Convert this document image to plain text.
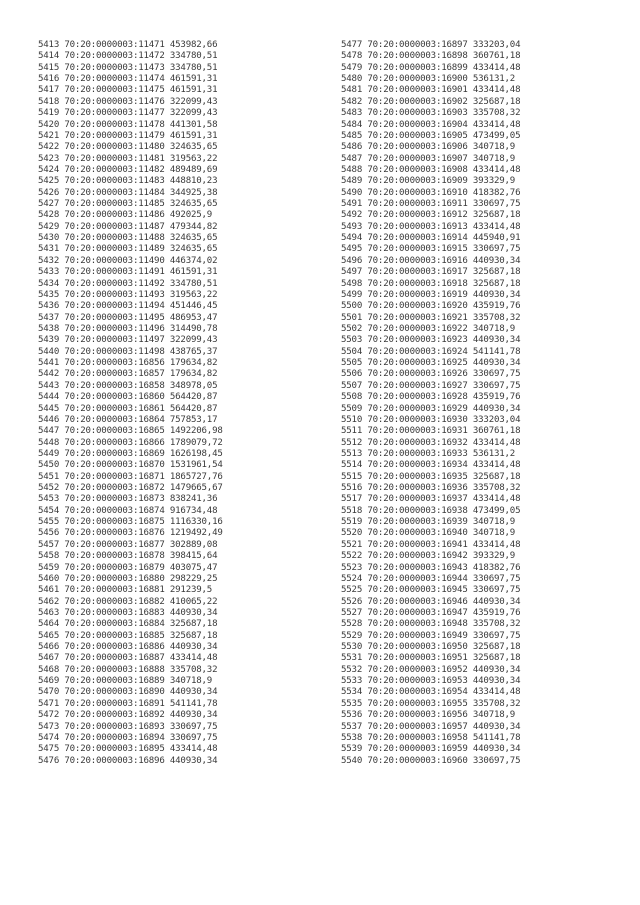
5413 70:20:0000003:11471 453982,66
5414 70:20:0000003:11472 334780,51
5415 70:20:0000003:11473 334780,51
5416 70:20:0000003:11474 461591,31
5417 70:20:0000003:11475 461591,31
5418 70:20:0000003:11476 322099,43
5419 70:20:0000003:11477 322099,43
5420 70:20:0000003:11478 441301,58
5421 70:20:0000003:11479 461591,31
5422 70:20:0000003:11480 324635,65
5423 70:20:0000003:11481 319563,22
5424 70:20:0000003:11482 489489,69
5425 70:20:0000003:11483 448810,23
5426 70:20:0000003:11484 344925,38
5427 70:20:0000003:11485 324635,65
5428 70:20:0000003:11486 492025,9
5429 70:20:0000003:11487 479344,82
5430 70:20:0000003:11488 324635,65
5431 70:20:0000003:11489 324635,65
5432 70:20:0000003:11490 446374,02
5433 70:20:0000003:11491 461591,31
5434 70:20:0000003:11492 334780,51
5435 70:20:0000003:11493 319563,22
5436 70:20:0000003:11494 451446,45
5437 70:20:0000003:11495 486953,47
5438 70:20:0000003:11496 314490,78
5439 70:20:0000003:11497 322099,43
5440 70:20:0000003:11498 438765,37
5441 70:20:0000003:16856 179634,82
5442 70:20:0000003:16857 179634,82
5443 70:20:0000003:16858 348978,05
5444 70:20:0000003:16860 564420,87
5445 70:20:0000003:16861 564420,87
5446 70:20:0000003:16864 757853,17
5447 70:20:0000003:16865 1492206,98
5448 70:20:0000003:16866 1789079,72
5449 70:20:0000003:16869 1626198,45
5450 70:20:0000003:16870 1531961,54
5451 70:20:0000003:16871 1865727,76
5452 70:20:0000003:16872 1479665,67
5453 70:20:0000003:16873 838241,36
5454 70:20:0000003:16874 916734,48
5455 70:20:0000003:16875 1116330,16
5456 70:20:0000003:16876 1219492,49
5457 70:20:0000003:16877 302889,08
5458 70:20:0000003:16878 398415,64
5459 70:20:0000003:16879 403075,47
5460 70:20:0000003:16880 298229,25
5461 70:20:0000003:16881 291239,5
5462 70:20:0000003:16882 410065,22
5463 70:20:0000003:16883 440930,34
5464 70:20:0000003:16884 325687,18
5465 70:20:0000003:16885 325687,18
5466 70:20:0000003:16886 440930,34
5467 70:20:0000003:16887 433414,48
5468 70:20:0000003:16888 335708,32
5469 70:20:0000003:16889 340718,9
5470 70:20:0000003:16890 440930,34
5471 70:20:0000003:16891 541141,78
5472 70:20:0000003:16892 440930,34
5473 70:20:0000003:16893 330697,75
5474 70:20:0000003:16894 330697,75
5475 70:20:0000003:16895 433414,48
5476 70:20:0000003:16896 440930,34
5477 70:20:0000003:16897 333203,04
5478 70:20:0000003:16898 360761,18
5479 70:20:0000003:16899 433414,48
5480 70:20:0000003:16900 536131,2
5481 70:20:0000003:16901 433414,48
5482 70:20:0000003:16902 325687,18
5483 70:20:0000003:16903 335708,32
5484 70:20:0000003:16904 433414,48
5485 70:20:0000003:16905 473499,05
5486 70:20:0000003:16906 340718,9
5487 70:20:0000003:16907 340718,9
5488 70:20:0000003:16908 433414,48
5489 70:20:0000003:16909 393329,9
5490 70:20:0000003:16910 418382,76
5491 70:20:0000003:16911 330697,75
5492 70:20:0000003:16912 325687,18
5493 70:20:0000003:16913 433414,48
5494 70:20:0000003:16914 445940,91
5495 70:20:0000003:16915 330697,75
5496 70:20:0000003:16916 440930,34
5497 70:20:0000003:16917 325687,18
5498 70:20:0000003:16918 325687,18
5499 70:20:0000003:16919 440930,34
5500 70:20:0000003:16920 435919,76
5501 70:20:0000003:16921 335708,32
5502 70:20:0000003:16922 340718,9
5503 70:20:0000003:16923 440930,34
5504 70:20:0000003:16924 541141,78
5505 70:20:0000003:16925 440930,34
5506 70:20:0000003:16926 330697,75
5507 70:20:0000003:16927 330697,75
5508 70:20:0000003:16928 435919,76
5509 70:20:0000003:16929 440930,34
5510 70:20:0000003:16930 333203,04
5511 70:20:0000003:16931 360761,18
5512 70:20:0000003:16932 433414,48
5513 70:20:0000003:16933 536131,2
5514 70:20:0000003:16934 433414,48
5515 70:20:0000003:16935 325687,18
5516 70:20:0000003:16936 335708,32
5517 70:20:0000003:16937 433414,48
5518 70:20:0000003:16938 473499,05
5519 70:20:0000003:16939 340718,9
5520 70:20:0000003:16940 340718,9
5521 70:20:0000003:16941 433414,48
5522 70:20:0000003:16942 393329,9
5523 70:20:0000003:16943 418382,76
5524 70:20:0000003:16944 330697,75
5525 70:20:0000003:16945 330697,75
5526 70:20:0000003:16946 440930,34
5527 70:20:0000003:16947 435919,76
5528 70:20:0000003:16948 335708,32
5529 70:20:0000003:16949 330697,75
5530 70:20:0000003:16950 325687,18
5531 70:20:0000003:16951 325687,18
5532 70:20:0000003:16952 440930,34
5533 70:20:0000003:16953 440930,34
5534 70:20:0000003:16954 433414,48
5535 70:20:0000003:16955 335708,32
5536 70:20:0000003:16956 340718,9
5537 70:20:0000003:16957 440930,34
5538 70:20:0000003:16958 541141,78
5539 70:20:0000003:16959 440930,34
5540 70:20:0000003:16960 330697,75
